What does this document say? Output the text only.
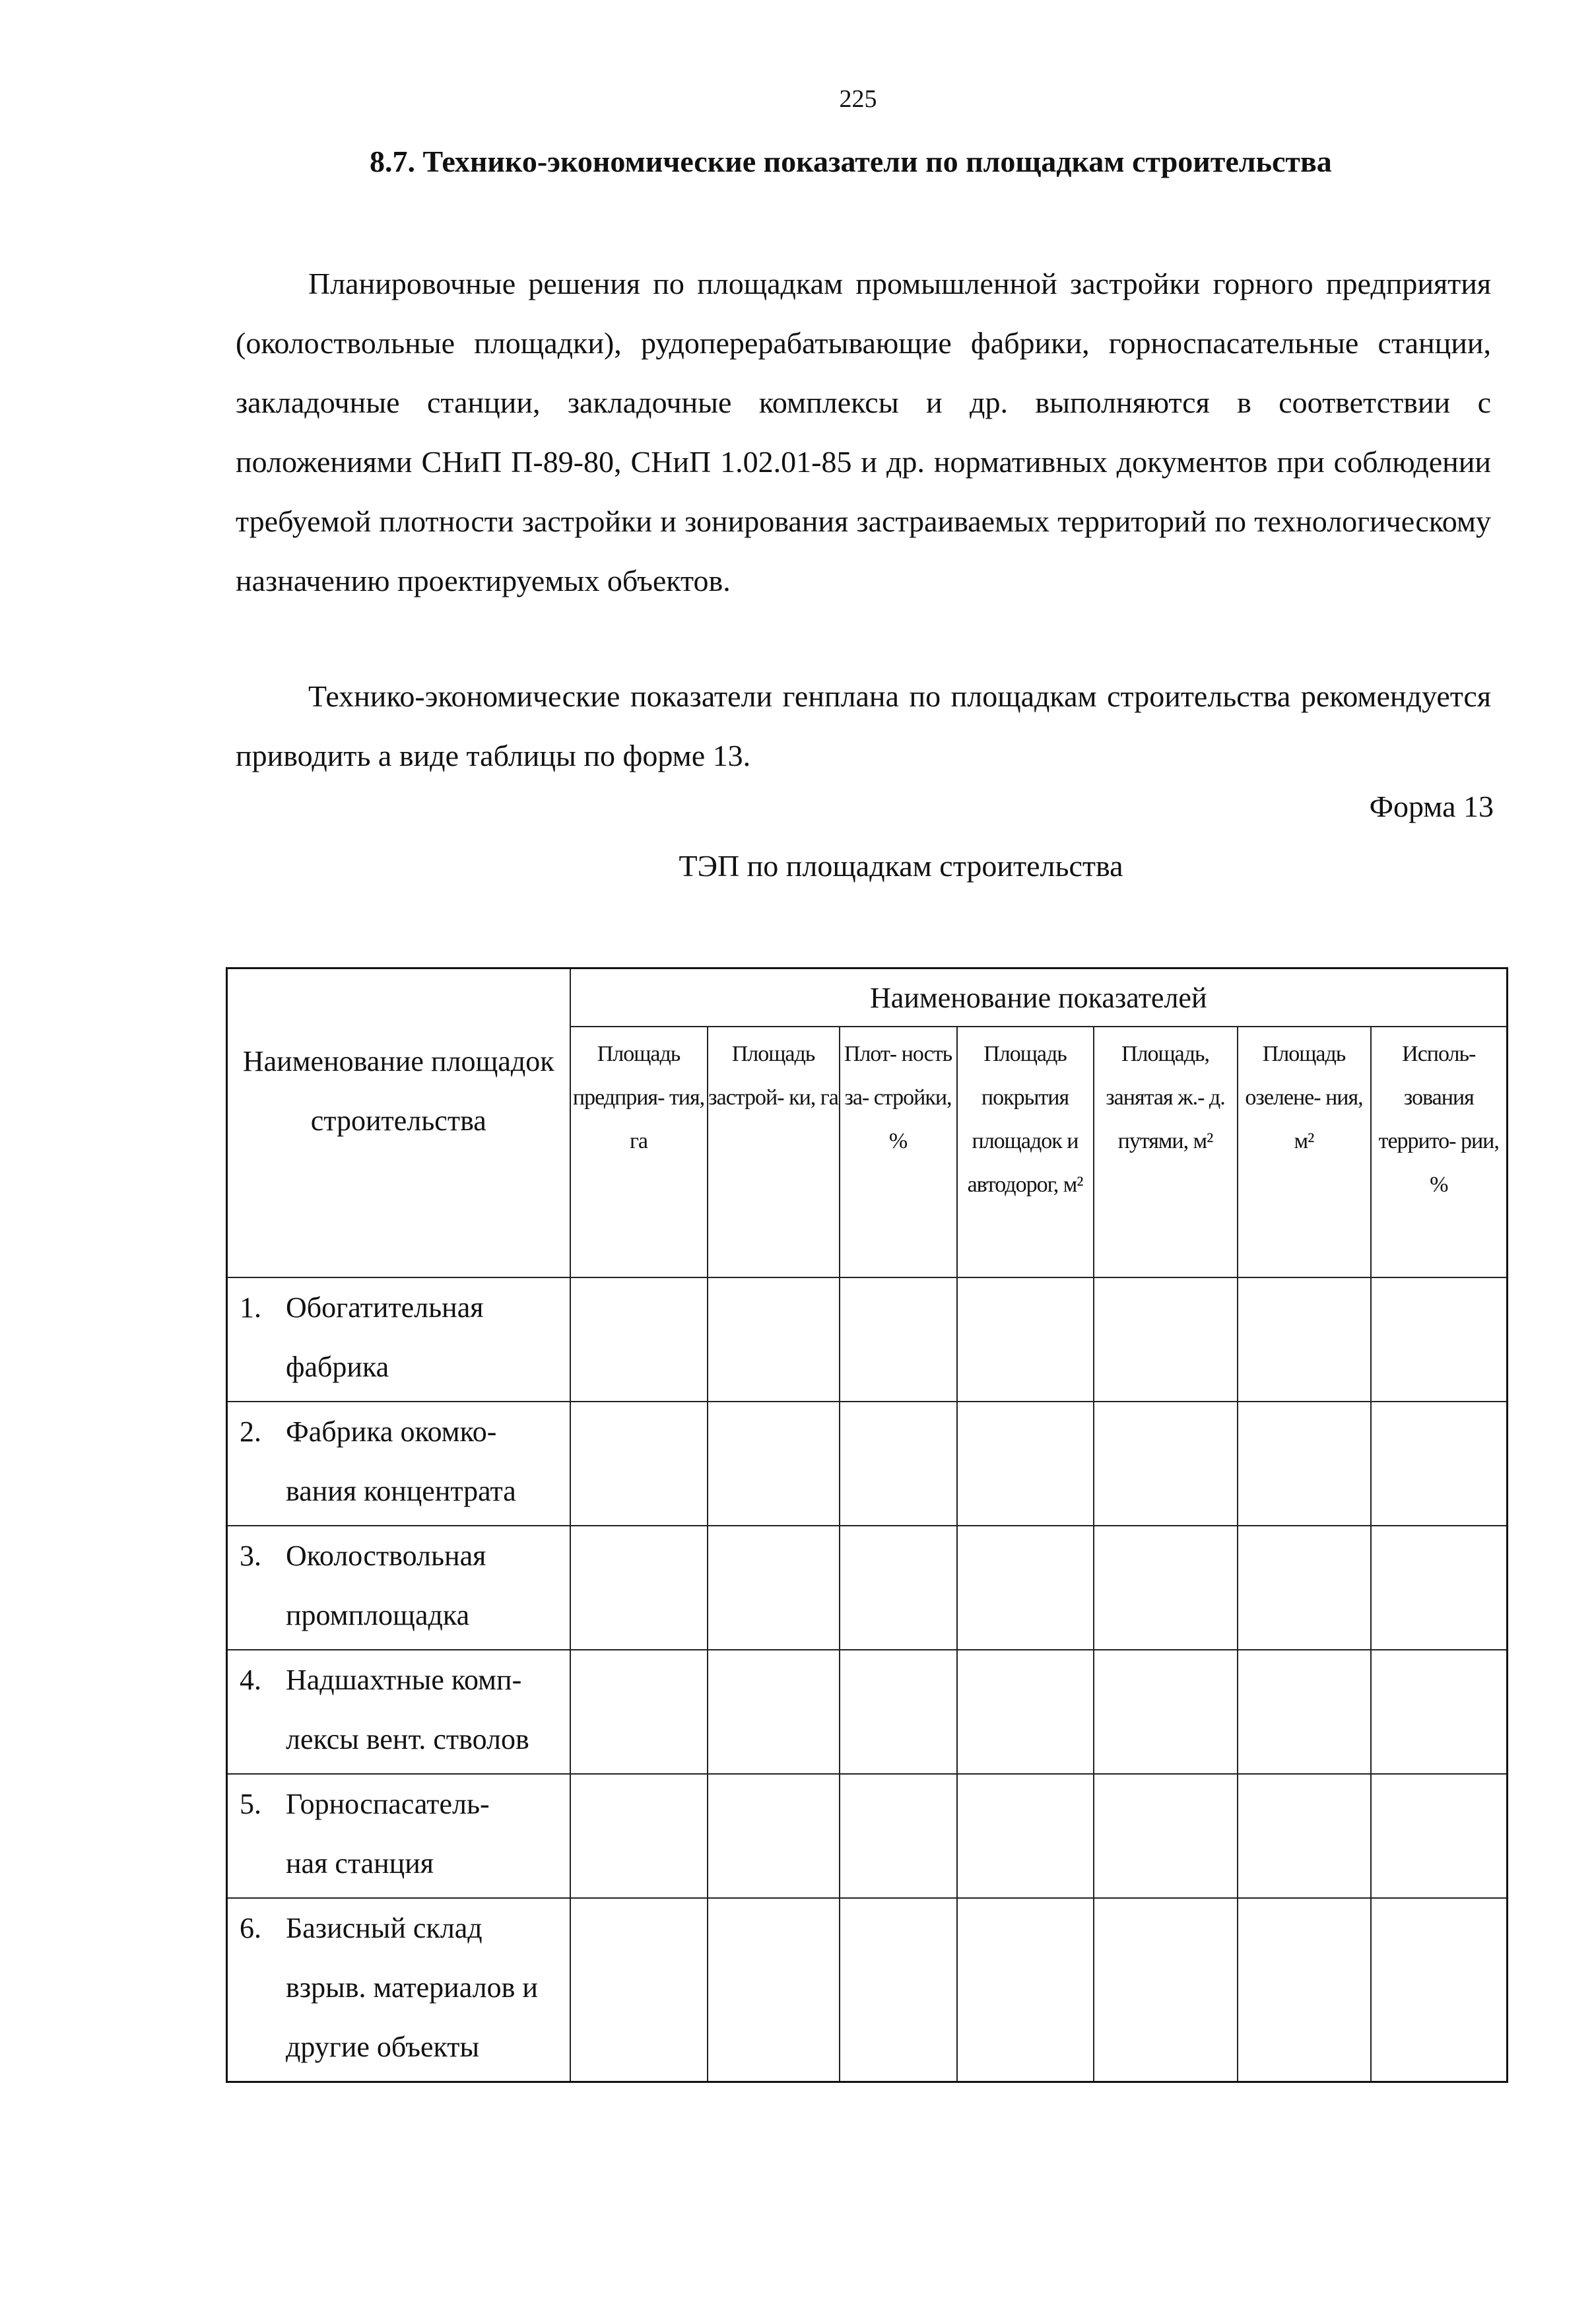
225
8.7. Технико-экономические показатели по площадкам строительства
Планировочные решения по площадкам промышленной застройки горного предприятия (околоствольные площадки), рудоперерабатывающие фабрики, горноспасательные станции, закладочные станции, закладочные комплексы и др. выполняются в соответствии с положениями СНиП П-89-80, СНиП 1.02.01-85 и др. нормативных документов при соблюдении требуемой плотности застройки и зонирования застраиваемых территорий по технологическому назначению проектируемых объектов.
Технико-экономические показатели генплана по площадкам строительства рекомендуется приводить а виде таблицы по форме 13.
Форма 13
ТЭП по площадкам строительства
Наименование площадок строительства	Наименование показателей						
	Площадь предприя- тия, га	Площадь застрой- ки, га	Плот- ность за- стройки, %	Площадь покрытия площадок и автодорог, м²	Площадь, занятая ж.- д. путями, м²	Площадь озелене- ния, м²	Исполь- зования террито- рии, %
1. Обогатительная
фабрика							

2. Фабрика окомко-
вания концентрата							

3. Околоствольная
промплощадка							

4. Надшахтные комп-
лексы вент. стволов							

5. Горноспасатель-
ная станция							

6. Базисный склад
взрыв. материалов и другие объекты							
